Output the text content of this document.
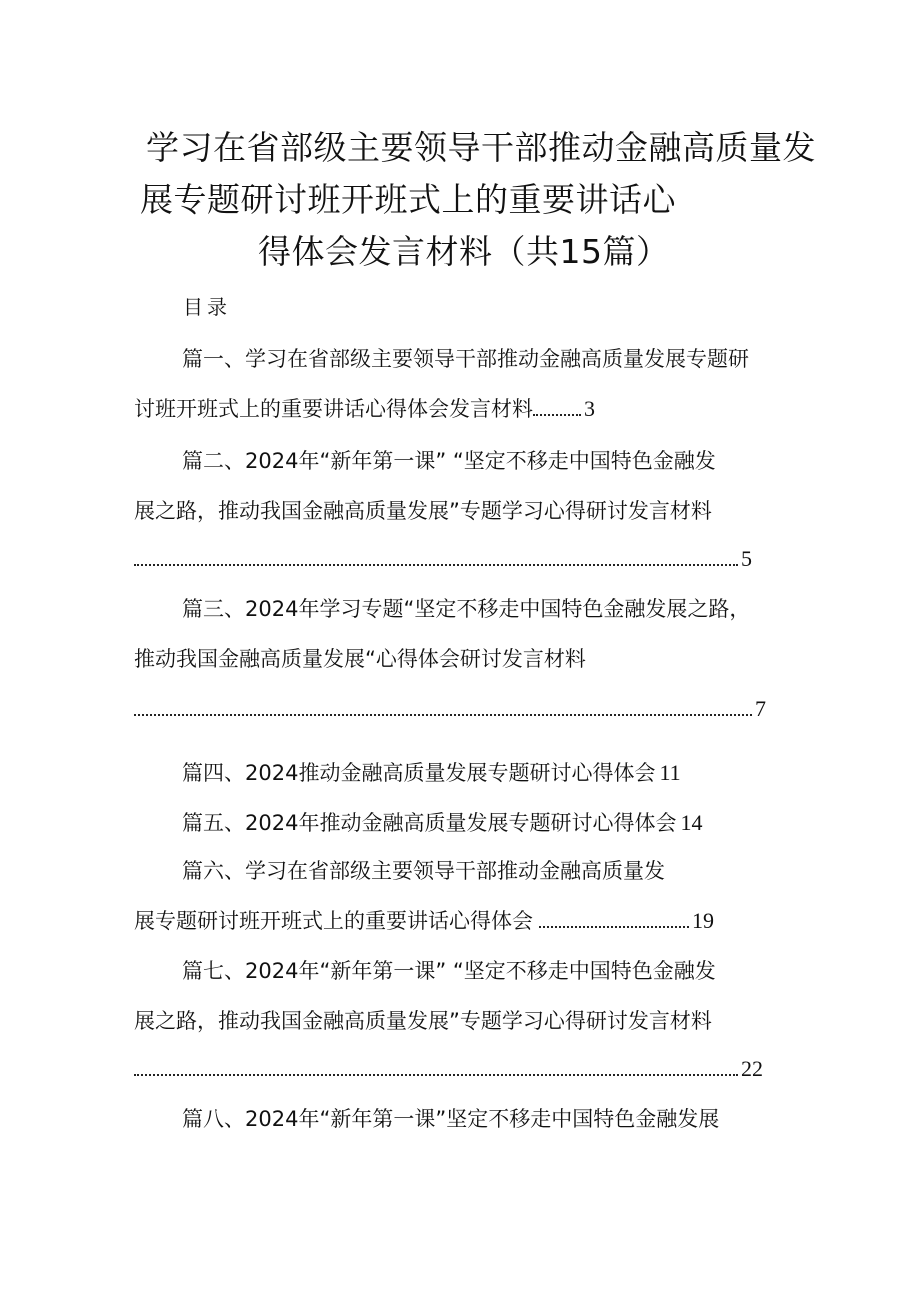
学习在省部级主要领导干部推动金融高质量发
展专题研讨班开班式上的重要讲话心
得体会发言材料（共15篇）
目录
篇一、学习在省部级主要领导干部推动金融高质量发展专题研
讨班开班式上的重要讲话心得体会发言材料 3
篇二、2024年“新年第一课” “坚定不移走中国特色金融发
展之路，推动我国金融高质量发展”专题学习心得研讨发言材料
5
篇三、2024年学习专题“坚定不移走中国特色金融发展之路，
推动我国金融高质量发展“心得体会研讨发言材料
7
篇四、2024推动金融高质量发展专题研讨心得体会 11
篇五、2024年推动金融高质量发展专题研讨心得体会 14
篇六、学习在省部级主要领导干部推动金融高质量发
展专题研讨班开班式上的重要讲话心得体会	19
篇七、2024年“新年第一课” “坚定不移走中国特色金融发
展之路，推动我国金融高质量发展”专题学习心得研讨发言材料
22
篇八、2024年“新年第一课”坚定不移走中国特色金融发展
